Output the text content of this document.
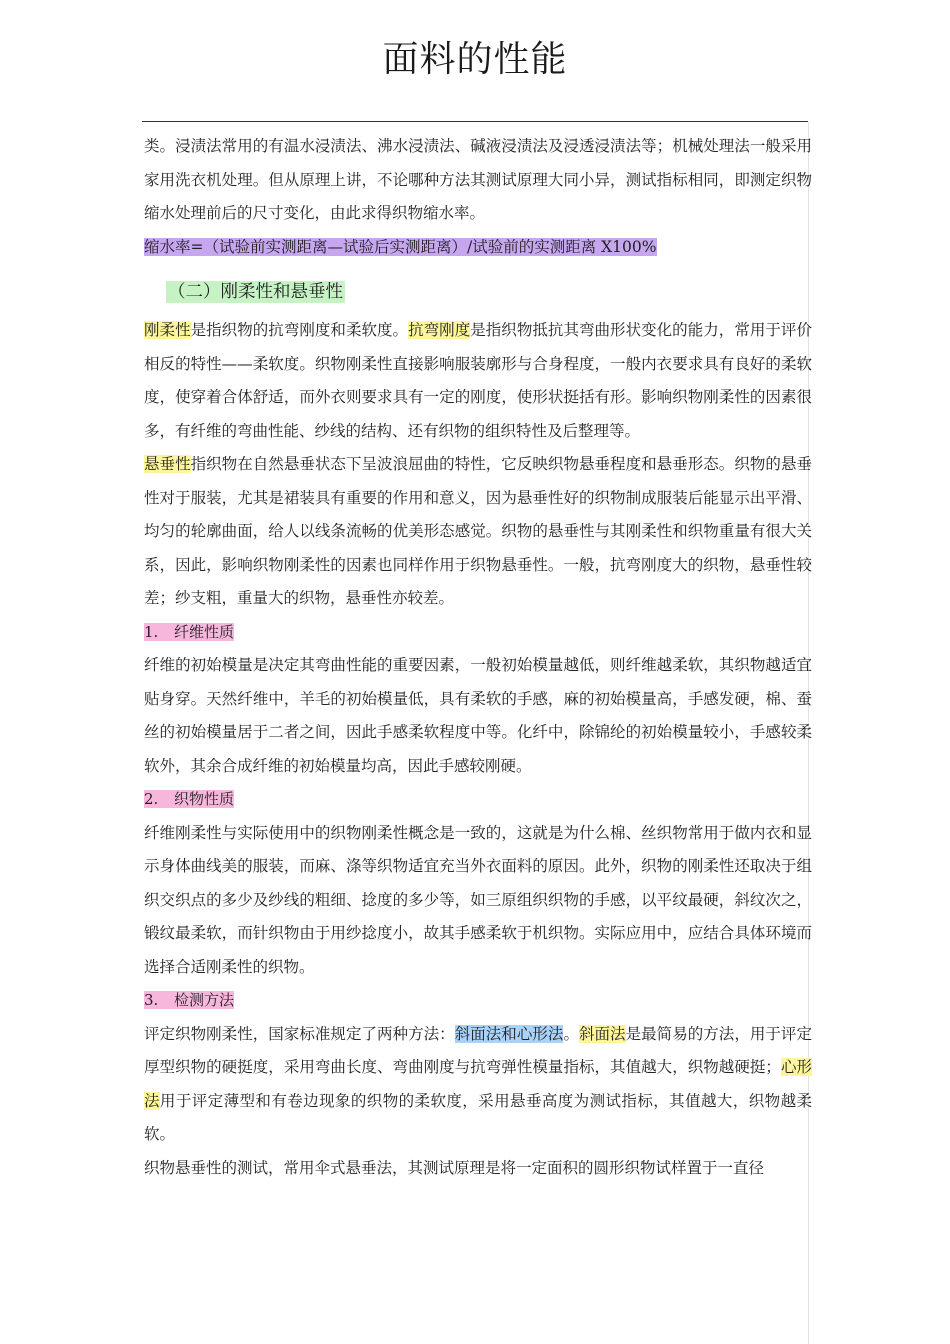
面料的性能

类。浸渍法常用的有温水浸渍法、沸水浸渍法、碱液浸渍法及浸透浸渍法等；机械处理法一般采用家用洗衣机处理。但从原理上讲，不论哪种方法其测试原理大同小异，测试指标相同，即测定织物缩水处理前后的尺寸变化，由此求得织物缩水率。

缩水率=（试验前实测距离—试验后实测距离）/试验前的实测距离 X100%

（二）刚柔性和悬垂性

刚柔性是指织物的抗弯刚度和柔软度。抗弯刚度是指织物抵抗其弯曲形状变化的能力，常用于评价相反的特性——柔软度。织物刚柔性直接影响服装廓形与合身程度，一般内衣要求具有良好的柔软度，使穿着合体舒适，而外衣则要求具有一定的刚度，使形状挺括有形。影响织物刚柔性的因素很多，有纤维的弯曲性能、纱线的结构、还有织物的组织特性及后整理等。

悬垂性指织物在自然悬垂状态下呈波浪屈曲的特性，它反映织物悬垂程度和悬垂形态。织物的悬垂性对于服装，尤其是裙装具有重要的作用和意义，因为悬垂性好的织物制成服装后能显示出平滑、均匀的轮廓曲面，给人以线条流畅的优美形态感觉。织物的悬垂性与其刚柔性和织物重量有很大关系，因此，影响织物刚柔性的因素也同样作用于织物悬垂性。一般，抗弯刚度大的织物，悬垂性较差；纱支粗，重量大的织物，悬垂性亦较差。

1. 纤维性质

纤维的初始模量是决定其弯曲性能的重要因素，一般初始模量越低，则纤维越柔软，其织物越适宜贴身穿。天然纤维中，羊毛的初始模量低，具有柔软的手感，麻的初始模量高，手感发硬，棉、蚕丝的初始模量居于二者之间，因此手感柔软程度中等。化纤中，除锦纶的初始模量较小，手感较柔软外，其余合成纤维的初始模量均高，因此手感较刚硬。

2. 织物性质

纤维刚柔性与实际使用中的织物刚柔性概念是一致的，这就是为什么棉、丝织物常用于做内衣和显示身体曲线美的服装，而麻、涤等织物适宜充当外衣面料的原因。此外，织物的刚柔性还取决于组织交织点的多少及纱线的粗细、捻度的多少等，如三原组织织物的手感，以平纹最硬，斜纹次之，锻纹最柔软，而针织物由于用纱捻度小，故其手感柔软于机织物。实际应用中，应结合具体环境而选择合适刚柔性的织物。

3. 检测方法

评定织物刚柔性，国家标准规定了两种方法：斜面法和心形法。斜面法是最简易的方法，用于评定厚型织物的硬挺度，采用弯曲长度、弯曲刚度与抗弯弹性模量指标，其值越大，织物越硬挺；心形法用于评定薄型和有卷边现象的织物的柔软度，采用悬垂高度为测试指标，其值越大，织物越柔软。

织物悬垂性的测试，常用伞式悬垂法，其测试原理是将一定面积的圆形织物试样置于一直径
